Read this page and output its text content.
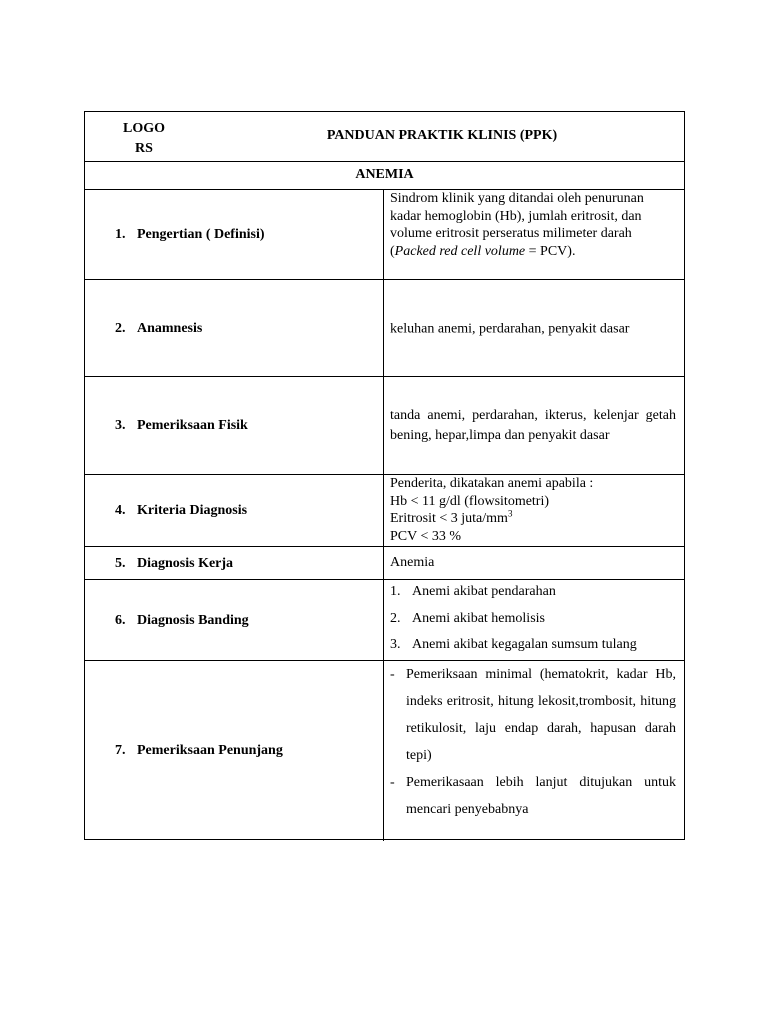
LOGO
RS
PANDUAN PRAKTIK KLINIS (PPK)
ANEMIA
1. Pengertian ( Definisi)
Sindrom klinik yang ditandai oleh penurunan kadar hemoglobin (Hb), jumlah eritrosit, dan volume eritrosit perseratus milimeter darah (Packed red cell volume = PCV).
2. Anamnesis	keluhan anemi, perdarahan, penyakit dasar
3. Pemeriksaan Fisik
tanda anemi, perdarahan, ikterus, kelenjar getah bening, hepar,limpa dan penyakit dasar
4. Kriteria Diagnosis
Penderita, dikatakan anemi apabila :
Hb < 11 g/dl (flowsitometri)
Eritrosit < 3 juta/$mm^3$
PCV < 33 %
5. Diagnosis Kerja	Anemia
6. Diagnosis Banding
1. Anemi akibat pendarahan
2. Anemi akibat hemolisis
3. Anemi akibat kegagalan sumsum tulang
7. Pemeriksaan Penunjang
- Pemeriksaan minimal (hematokrit, kadar Hb, indeks eritrosit, hitung lekosit,trombosit, hitung retikulosit, laju endap darah, hapusan darah tepi)
- Pemerikasaan lebih lanjut ditujukan untuk mencari penyebabnya
